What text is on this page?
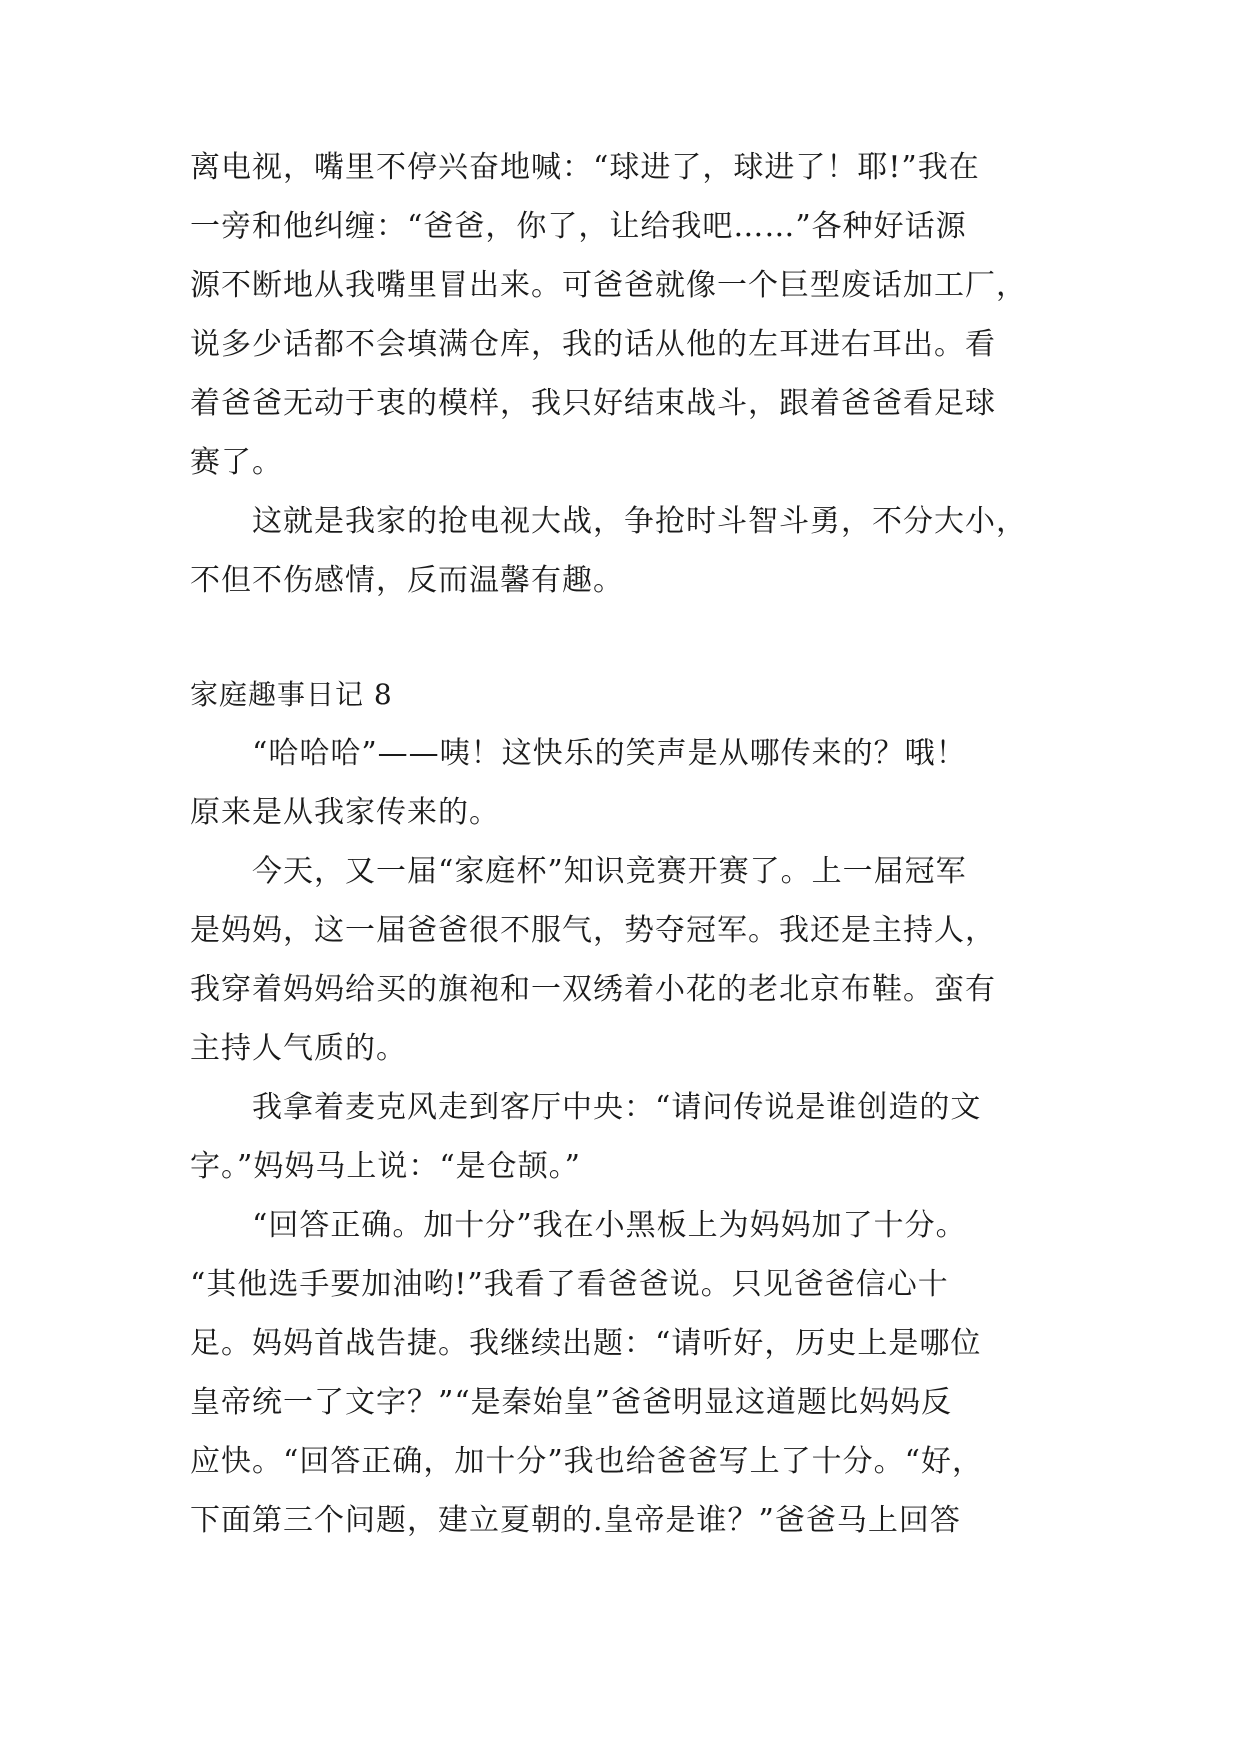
离电视，嘴里不停兴奋地喊：“球进了，球进了！耶!”我在
一旁和他纠缠：“爸爸，你了，让给我吧……”各种好话源
源不断地从我嘴里冒出来。可爸爸就像一个巨型废话加工厂，
说多少话都不会填满仓库，我的话从他的左耳进右耳出。看
着爸爸无动于衷的模样，我只好结束战斗，跟着爸爸看足球
赛了。
　　这就是我家的抢电视大战，争抢时斗智斗勇，不分大小，
不但不伤感情，反而温馨有趣。
家庭趣事日记 8
　　“哈哈哈”——咦！这快乐的笑声是从哪传来的？哦！
原来是从我家传来的。
　　今天，又一届“家庭杯”知识竞赛开赛了。上一届冠军
是妈妈，这一届爸爸很不服气，势夺冠军。我还是主持人，
我穿着妈妈给买的旗袍和一双绣着小花的老北京布鞋。蛮有
主持人气质的。
　　我拿着麦克风走到客厅中央：“请问传说是谁创造的文
字。”妈妈马上说：“是仓颉。”
　　“回答正确。加十分”我在小黑板上为妈妈加了十分。
“其他选手要加油哟!”我看了看爸爸说。只见爸爸信心十
足。妈妈首战告捷。我继续出题：“请听好，历史上是哪位
皇帝统一了文字？”“是秦始皇”爸爸明显这道题比妈妈反
应快。“回答正确，加十分”我也给爸爸写上了十分。“好，
下面第三个问题，建立夏朝的.皇帝是谁？”爸爸马上回答
